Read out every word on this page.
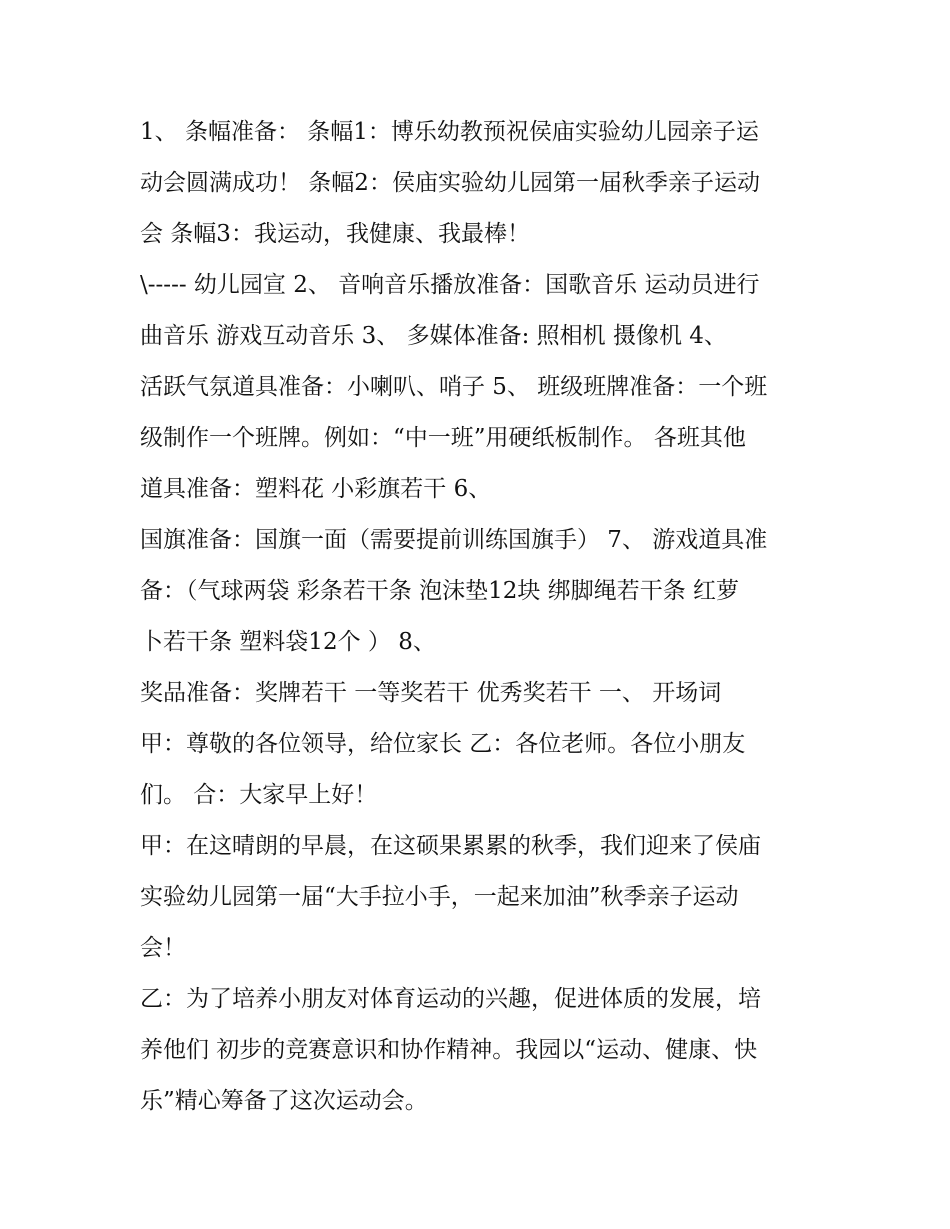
1、 条幅准备： 条幅1：博乐幼教预祝侯庙实验幼儿园亲子运

动会圆满成功！ 条幅2：侯庙实验幼儿园第一届秋季亲子运动

会 条幅3：我运动，我健康、我最棒！

\----- 幼儿园宣 2、 音响音乐播放准备：国歌音乐 运动员进行

曲音乐 游戏互动音乐 3、 多媒体准备: 照相机 摄像机 4、

活跃气氛道具准备：小喇叭、哨子 5、 班级班牌准备：一个班

级制作一个班牌。例如：“中一班”用硬纸板制作。 各班其他

道具准备：塑料花 小彩旗若干 6、

国旗准备：国旗一面（需要提前训练国旗手） 7、 游戏道具准

备：（气球两袋 彩条若干条 泡沫垫12块 绑脚绳若干条 红萝

卜若干条 塑料袋12个 ） 8、

奖品准备：奖牌若干 一等奖若干 优秀奖若干 一、 开场词

甲：尊敬的各位领导，给位家长 乙：各位老师。各位小朋友

们。 合：大家早上好！

甲：在这晴朗的早晨，在这硕果累累的秋季，我们迎来了侯庙

实验幼儿园第一届“大手拉小手，一起来加油”秋季亲子运动

会！

乙：为了培养小朋友对体育运动的兴趣，促进体质的发展，培

养他们 初步的竞赛意识和协作精神。我园以“运动、健康、快

乐”精心筹备了这次运动会。
